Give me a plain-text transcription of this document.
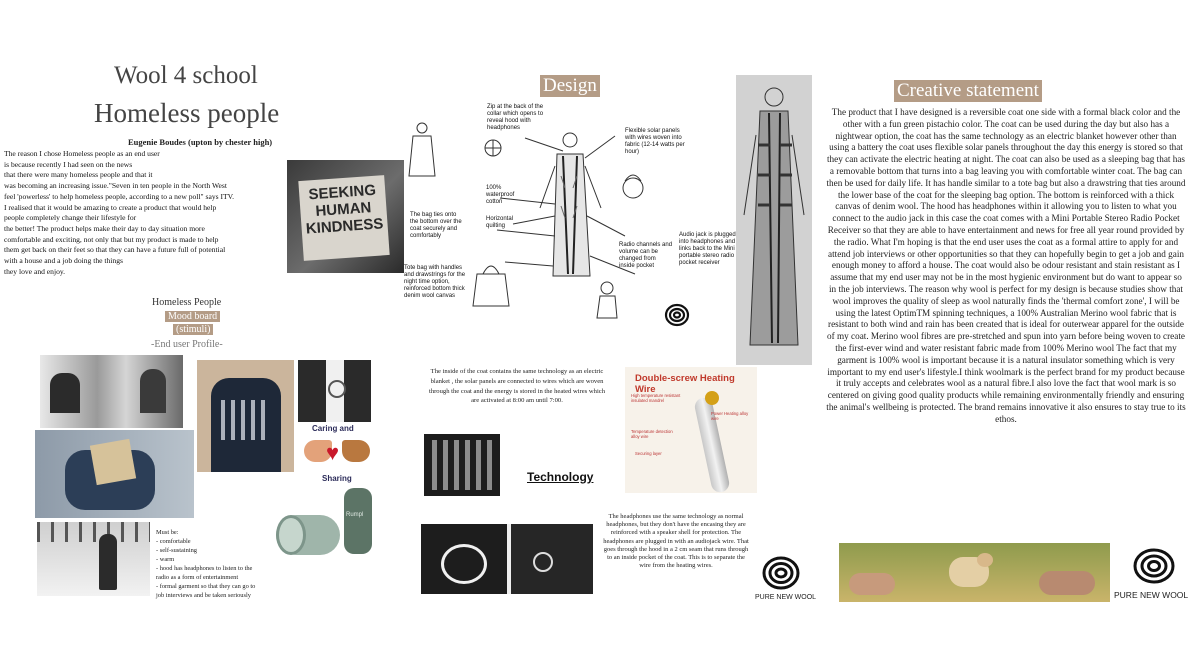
Wool 4 school
Homeless people
Eugenie Boudes (upton by chester high)
The reason I chose Homeless people as an end user
is because recently I had seen on the news
that there were many homeless people and that it
was becoming an increasing issue."Seven in ten people in the North West
feel 'powerless' to help homeless people, according to a new poll" says ITV.
I realised that it would be amazing to create a product that would help
people completely change their lifestyle for
the better! The product helps make their day to day situation more
comfortable and exciting, not only that but my product is made to help
them get back on their feet so that they can have a future full of potential
with a house and a job doing the things
they love and enjoy.
SEEKING HUMAN KINDNESS
Homeless People
Mood board
(stimuli)
-End user Profile-
Caring and
♥
Sharing
Rumpl
Must be:
- comfortable
- self-sustaining
- warm
- hood has headphones to listen to the
radio as a form of entertainment
- formal garment so that they can go to
job interviews and be taken seriously
Design
Zip at the back of the collar which opens to reveal hood with headphones	Flexible solar panels with wires woven into fabric (12-14 watts per hour)
100% waterproof cotton
Horizontal quilting
The bag ties onto the bottom over the coat securely and comfortably
Tote bag with handles and drawstrings for the night time option, reinforced bottom thick denim wool canvas
Radio channels and volume can be changed from inside pocket
Audio jack is plugged into headphones and links back to the Mini portable stereo radio pocket receiver
The inside of the coat contains the same technology as an electric blanket , the solar panels are connected to wires which are woven through the coat and the energy is stored in the heated wires which are activated at 8:00 am until 7:00.
Double-screw Heating Wire
High temperature resistant insulated mandrel
Power Heating alloy wire
Temperature detection alloy wire
Securing layer
Technology
The headphones use the same technology as normal headphones, but they don't have the encasing they are reinforced with a speaker shell for protection. The headphones are plugged in with an audiojack wire. That goes through the hood in a 2 cm seam that runs through to an inside pocket of the coat. This is to separate the wire from the heating wires.
PURE NEW WOOL
Creative statement
The product that I have designed is a reversible coat one side with a formal black color and the other with a fun green pistachio color. The coat can be used during the day but also has a nightwear option, the coat has the same technology as an electric blanket however other than using a battery the coat uses flexible solar panels throughout the day this energy is stored so that they can activate the electric heating at night. The coat can also be used as a sleeping bag that has a removable bottom that turns into a bag leaving you with comfortable winter coat. The bag can then be used for daily life. It has handle similar to a tote bag but also a drawstring that ties around the lower base of the coat for the sleeping bag option. The bottom is reinforced with a thick canvas of denim wool. The hood has headphones within it allowing you to listen to what you connect to the audio jack in this case the coat comes with a Mini Portable Stereo Radio Pocket Receiver so that they are able to have entertainment and news for free all year round provided by the radio. What I'm hoping is that the end user uses the coat as a formal attire to apply for and attend job interviews or other opportunities so that they can hopefully begin to get a job and gain enough money to afford a house. The coat would also be odour resistant and stain resistant as I assume that my end user may not be in the most hygienic environment but do want to appear so in the job interviews. The reason why wool is perfect for my design is because studies show that wool improves the quality of sleep as wool naturally finds the 'thermal comfort zone', I will be using the latest OptimTM spinning techniques, a 100% Australian Merino wool fabric that is resistant to both wind and rain has been created that is ideal for outerwear apparel for the outside of my coat. Merino wool fibres are pre-stretched and spun into yarn before being woven to create the first-ever wind and water resistant fabric made from 100% Merino wool The fact that my garment is 100% wool is important because it is a natural insulator something which is very important to my end user's lifestyle.I think woolmark is the perfect brand for my product because it truly accepts and celebrates wool as a natural fibre.I also love the fact that wool mark is so centered on giving good quality products while remaining environmentally friendly and ensuring the animal's wellbeing is protected. The brand remains innovative it also ensures to stay true to its ethos.
PURE NEW WOOL
